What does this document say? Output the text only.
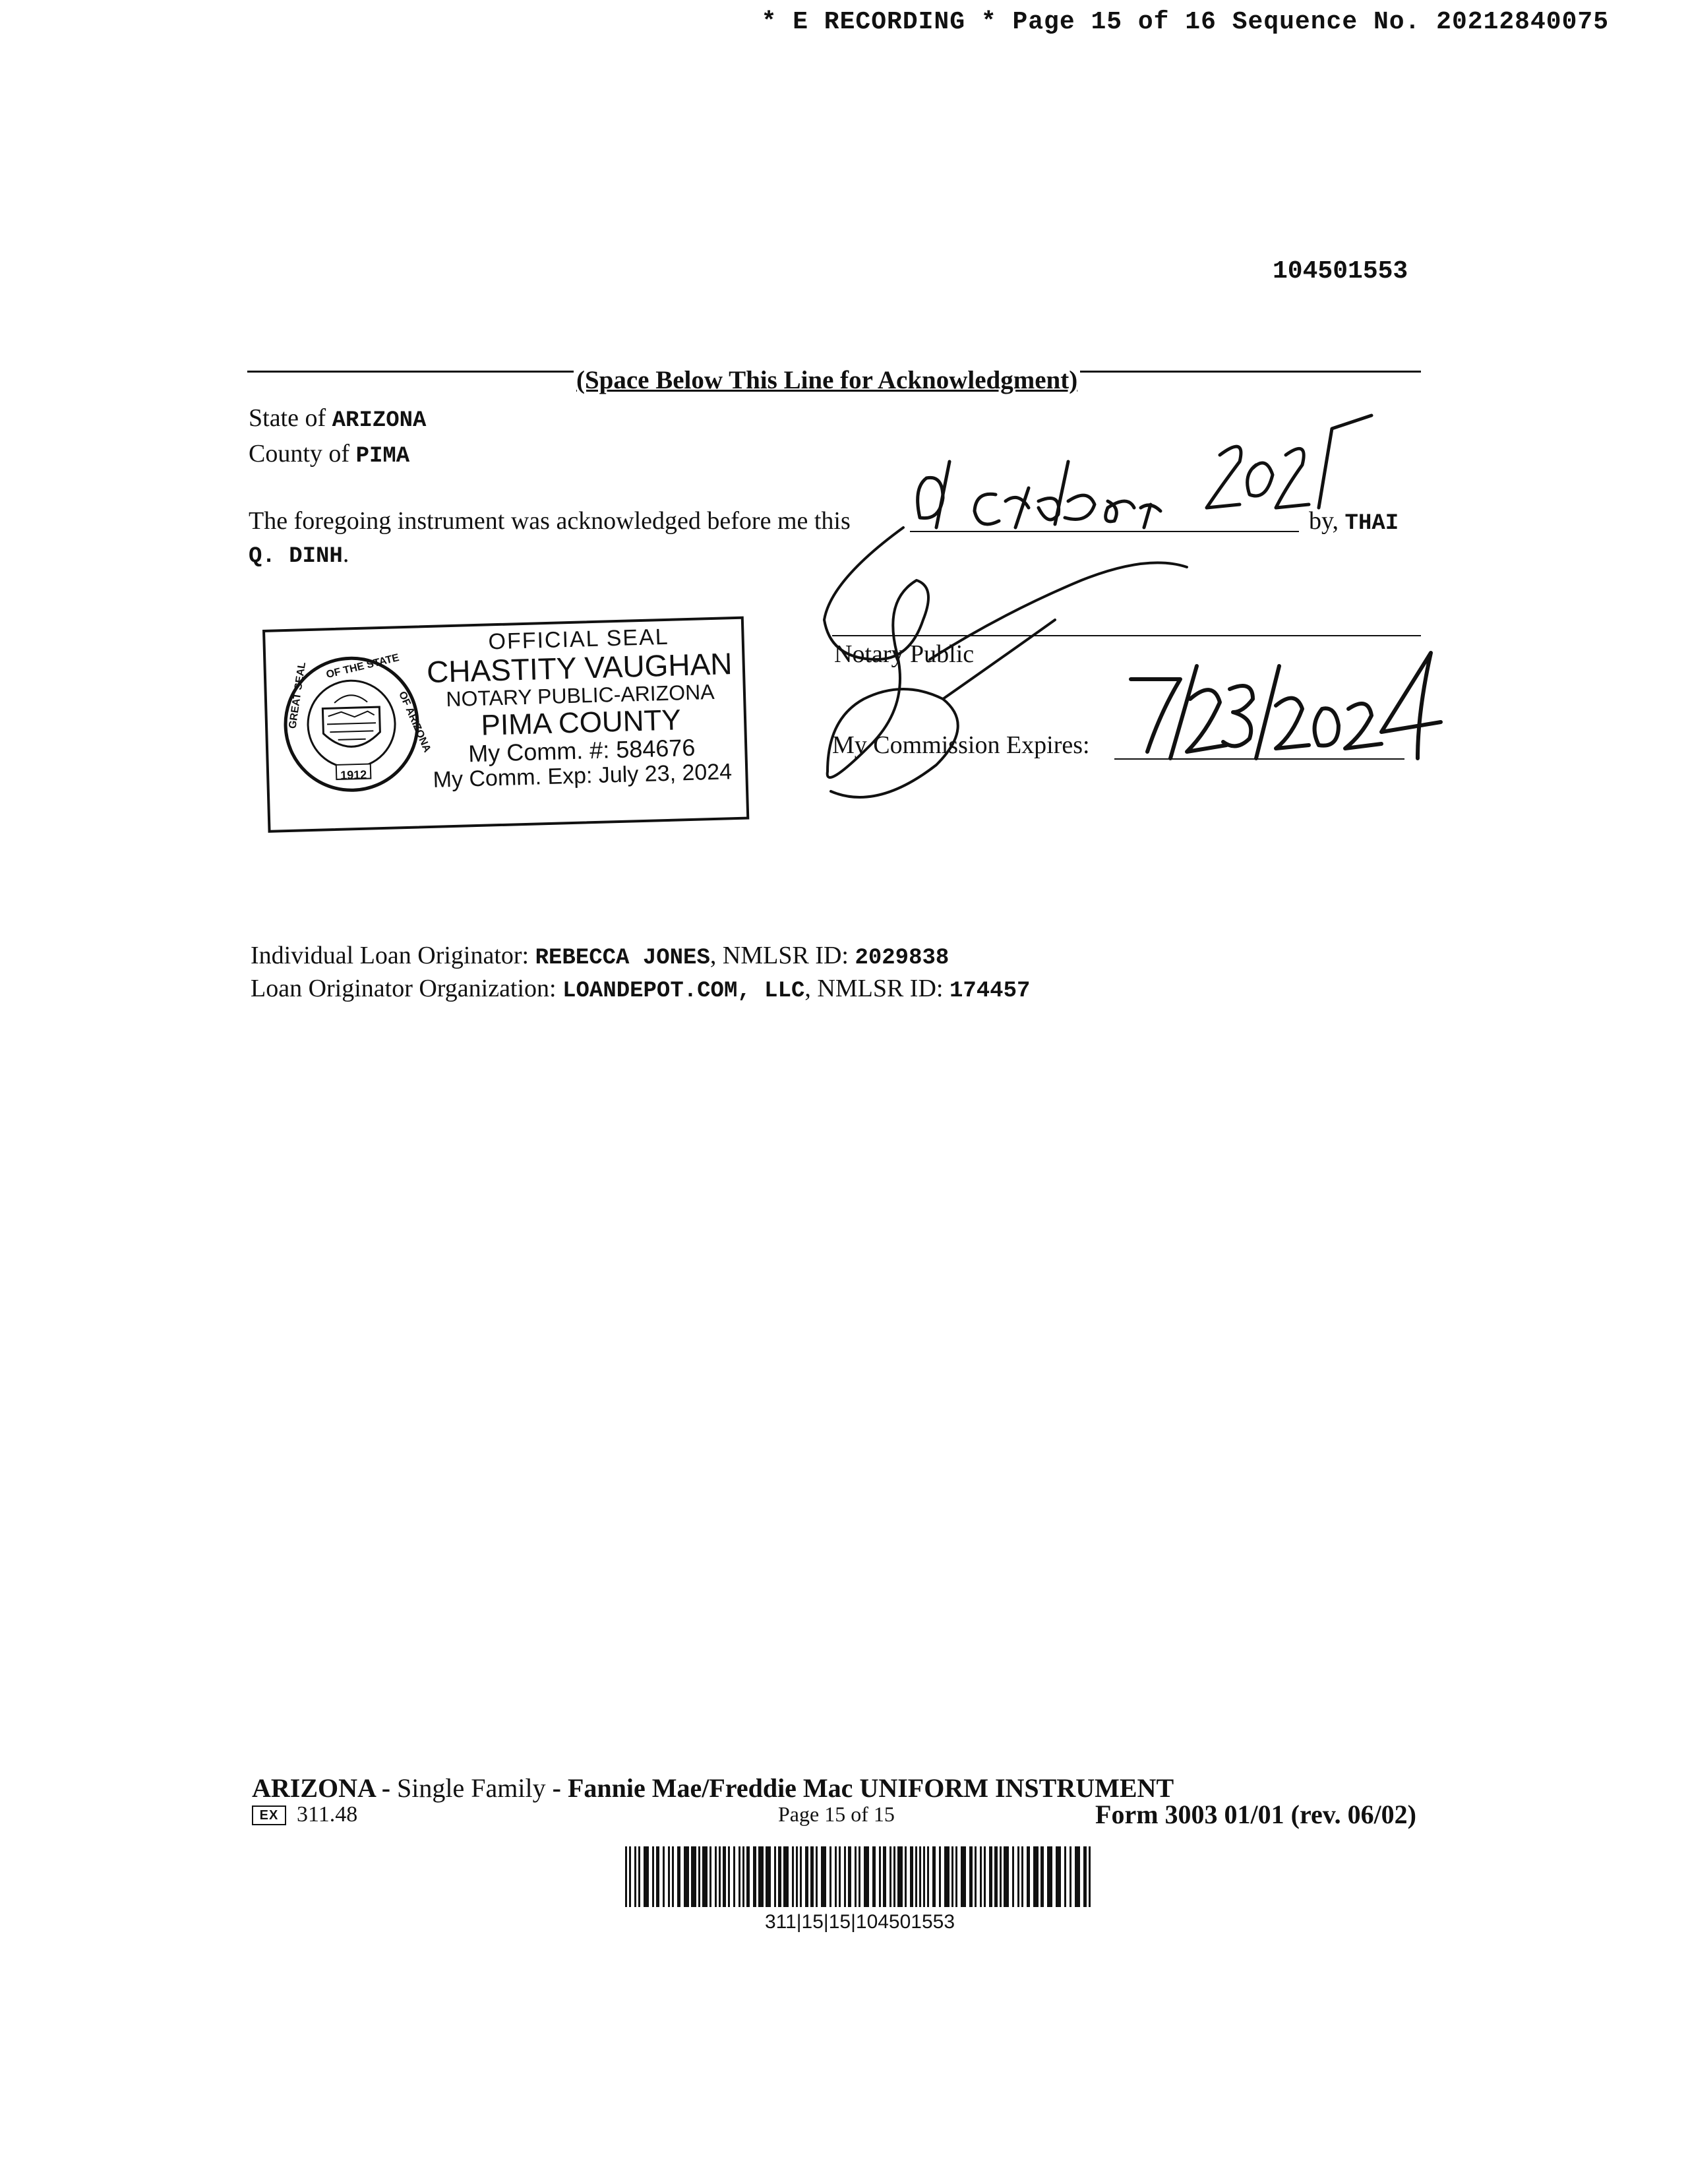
* E RECORDING * Page 15 of 16 Sequence No. 20212840075
104501553
(Space Below This Line for Acknowledgment)
State of ARIZONA
County of PIMA
The foregoing instrument was acknowledged before me this	by, THAI
Q. DINH.
Notary Public
My Commission Expires:
GREAT SEAL OF THE STATE
OF ARIZONA
1912
OFFICIAL SEAL
CHASTITY VAUGHAN
NOTARY PUBLIC-ARIZONA
PIMA COUNTY
My Comm. #: 584676
My Comm. Exp: July 23, 2024
Individual Loan Originator: REBECCA JONES, NMLSR ID: 2029838
Loan Originator Organization: LOANDEPOT.COM, LLC, NMLSR ID: 174457
ARIZONA - Single Family - Fannie Mae/Freddie Mac UNIFORM INSTRUMENT
EX 311.48	Page 15 of 15	Form 3003 01/01 (rev. 06/02)
311|15|15|104501553
